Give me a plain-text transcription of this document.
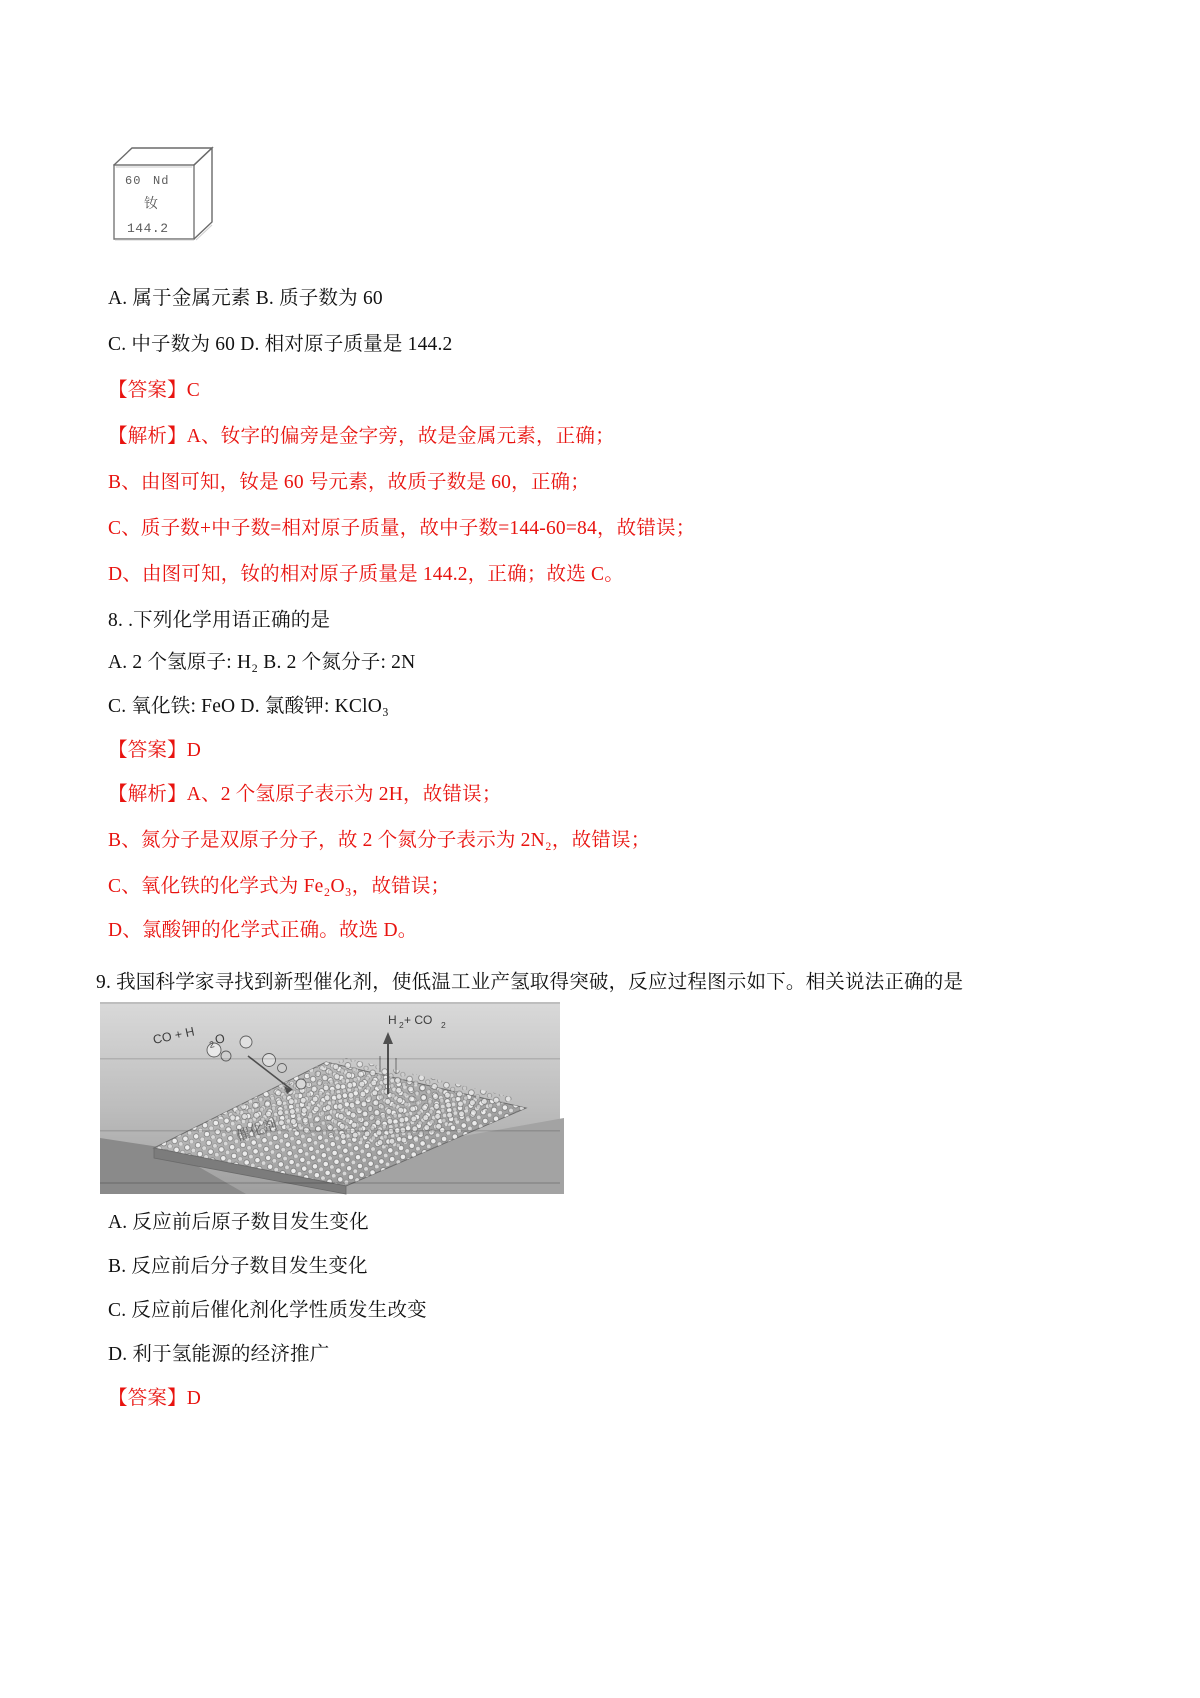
60 Nd
钕
144.2
A. 属于金属元素 B. 质子数为 60
C. 中子数为 60 D. 相对原子质量是 144.2
【答案】C
【解析】A、钕字的偏旁是金字旁，故是金属元素，正确；
B、由图可知，钕是 60 号元素，故质子数是 60，正确；
C、质子数+中子数=相对原子质量，故中子数=144-60=84，故错误；
D、由图可知，钕的相对原子质量是 144.2，正确；故选 C。
8. .下列化学用语正确的是
A. 2 个氢原子: H₂ B. 2 个氮分子: 2N
C. 氧化铁: FeO D. 氯酸钾: KClO₃
【答案】D
【解析】A、2 个氢原子表示为 2H，故错误；
B、氮分子是双原子分子，故 2 个氮分子表示为 2N₂，故错误；
C、氧化铁的化学式为 Fe₂O₃，故错误；
D、氯酸钾的化学式正确。故选 D。
9. 我国科学家寻找到新型催化剂，使低温工业产氢取得突破，反应过程图示如下。相关说法正确的是
催化剂
CO + H 2
O
H 2 + CO 2
A. 反应前后原子数目发生变化
B. 反应前后分子数目发生变化
C. 反应前后催化剂化学性质发生改变
D. 利于氢能源的经济推广
【答案】D
